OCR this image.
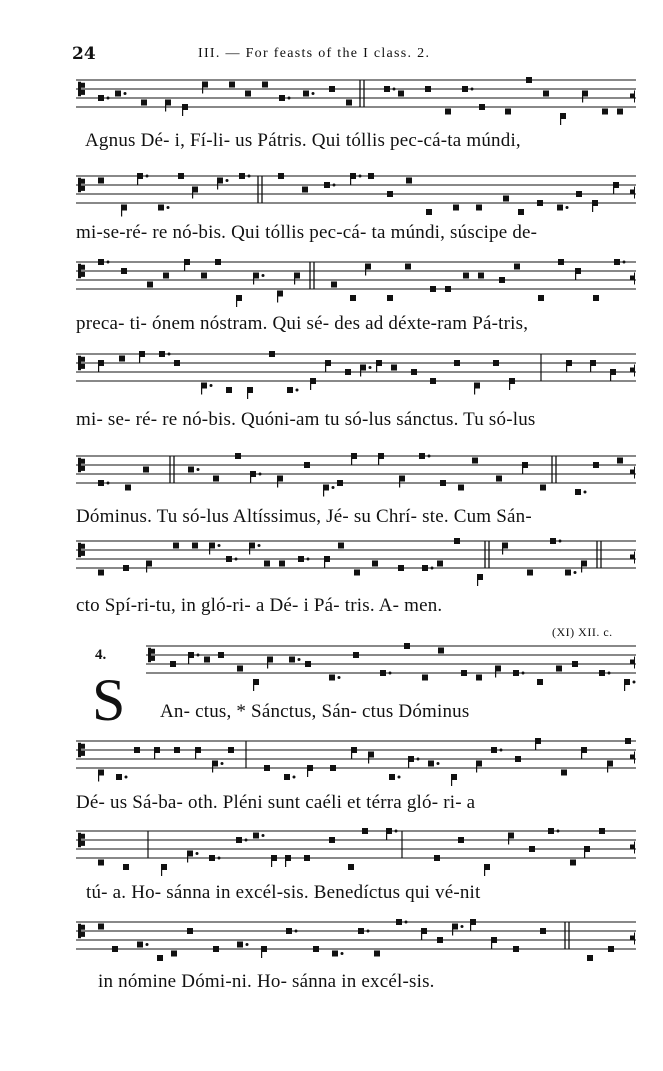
24	III. — For feasts of the I class. 2.
Agnus Dé- i, Fí-li- us Pátris. Qui tóllis pec-cá-ta múndi,
mi-se-ré- re nó-bis. Qui tóllis pec-cá- ta múndi, súscipe de-
preca- ti- ónem nóstram. Qui sé- des ad déxte-ram Pá-tris,
mi- se- ré- re nó-bis. Quóni-am tu só-lus sánctus. Tu só-lus
Dóminus. Tu só-lus Altíssimus, Jé- su Chrí- ste. Cum Sán-
cto Spí-ri-tu, in gló-ri- a Dé- i Pá- tris. A- men.
(XI) XII. c.
4.
S An- ctus, * Sánctus, Sán- ctus Dóminus
Dé- us Sá-ba- oth. Pléni sunt caéli et térra gló- ri- a
tú- a. Ho- sánna in excél-sis. Benedíctus qui vé-nit
in nómine Dómi-ni. Ho- sánna in excél-sis.
